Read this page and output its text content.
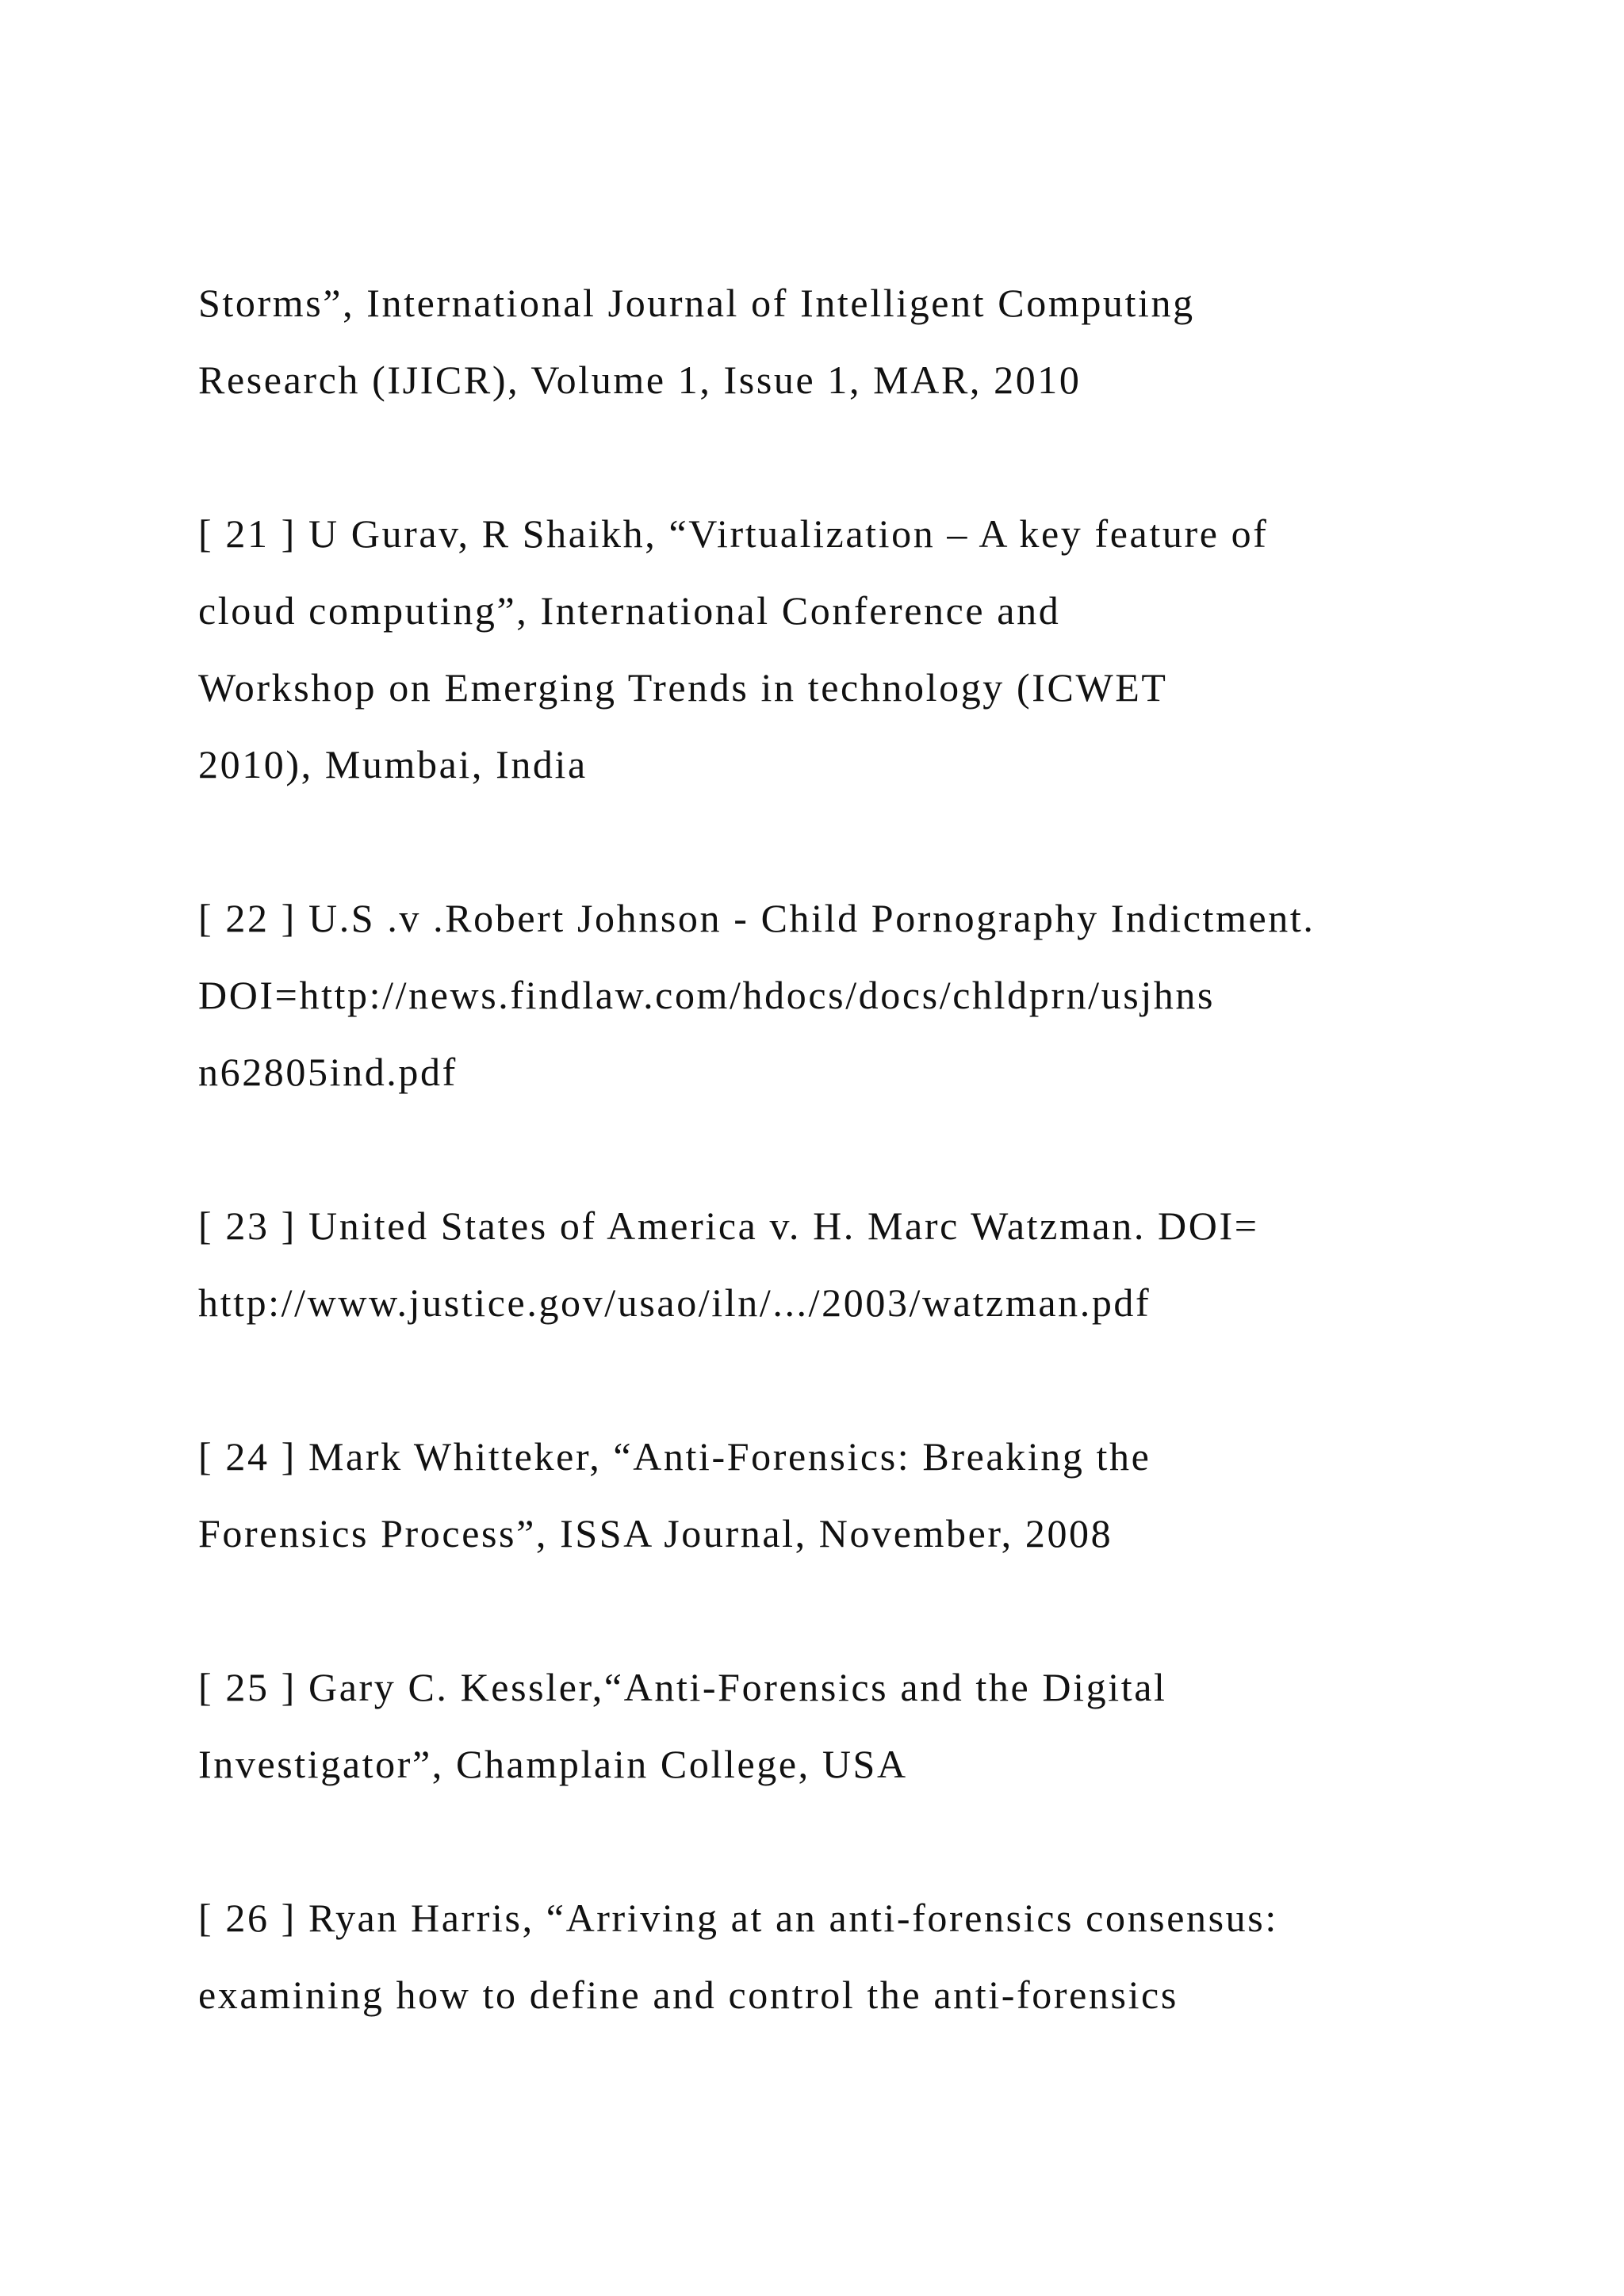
Storms”, International Journal of Intelligent Computing
Research (IJICR), Volume 1, Issue 1, MAR, 2010
[ 21 ] U Gurav, R Shaikh, “Virtualization – A key feature of
cloud computing”, International Conference and
Workshop on Emerging Trends in technology (ICWET
2010), Mumbai, India
[ 22 ] U.S .v .Robert Johnson - Child Pornography Indictment.
DOI=http://news.findlaw.com/hdocs/docs/chldprn/usjhns
n62805ind.pdf
[ 23 ] United States of America v. H. Marc Watzman. DOI=
http://www.justice.gov/usao/iln/.../2003/watzman.pdf
[ 24 ] Mark Whitteker, “Anti-Forensics: Breaking the
Forensics Process”, ISSA Journal, November, 2008
[ 25 ] Gary C. Kessler,“Anti-Forensics and the Digital
Investigator”, Champlain College, USA
[ 26 ] Ryan Harris, “Arriving at an anti-forensics consensus:
examining how to define and control the anti-forensics
